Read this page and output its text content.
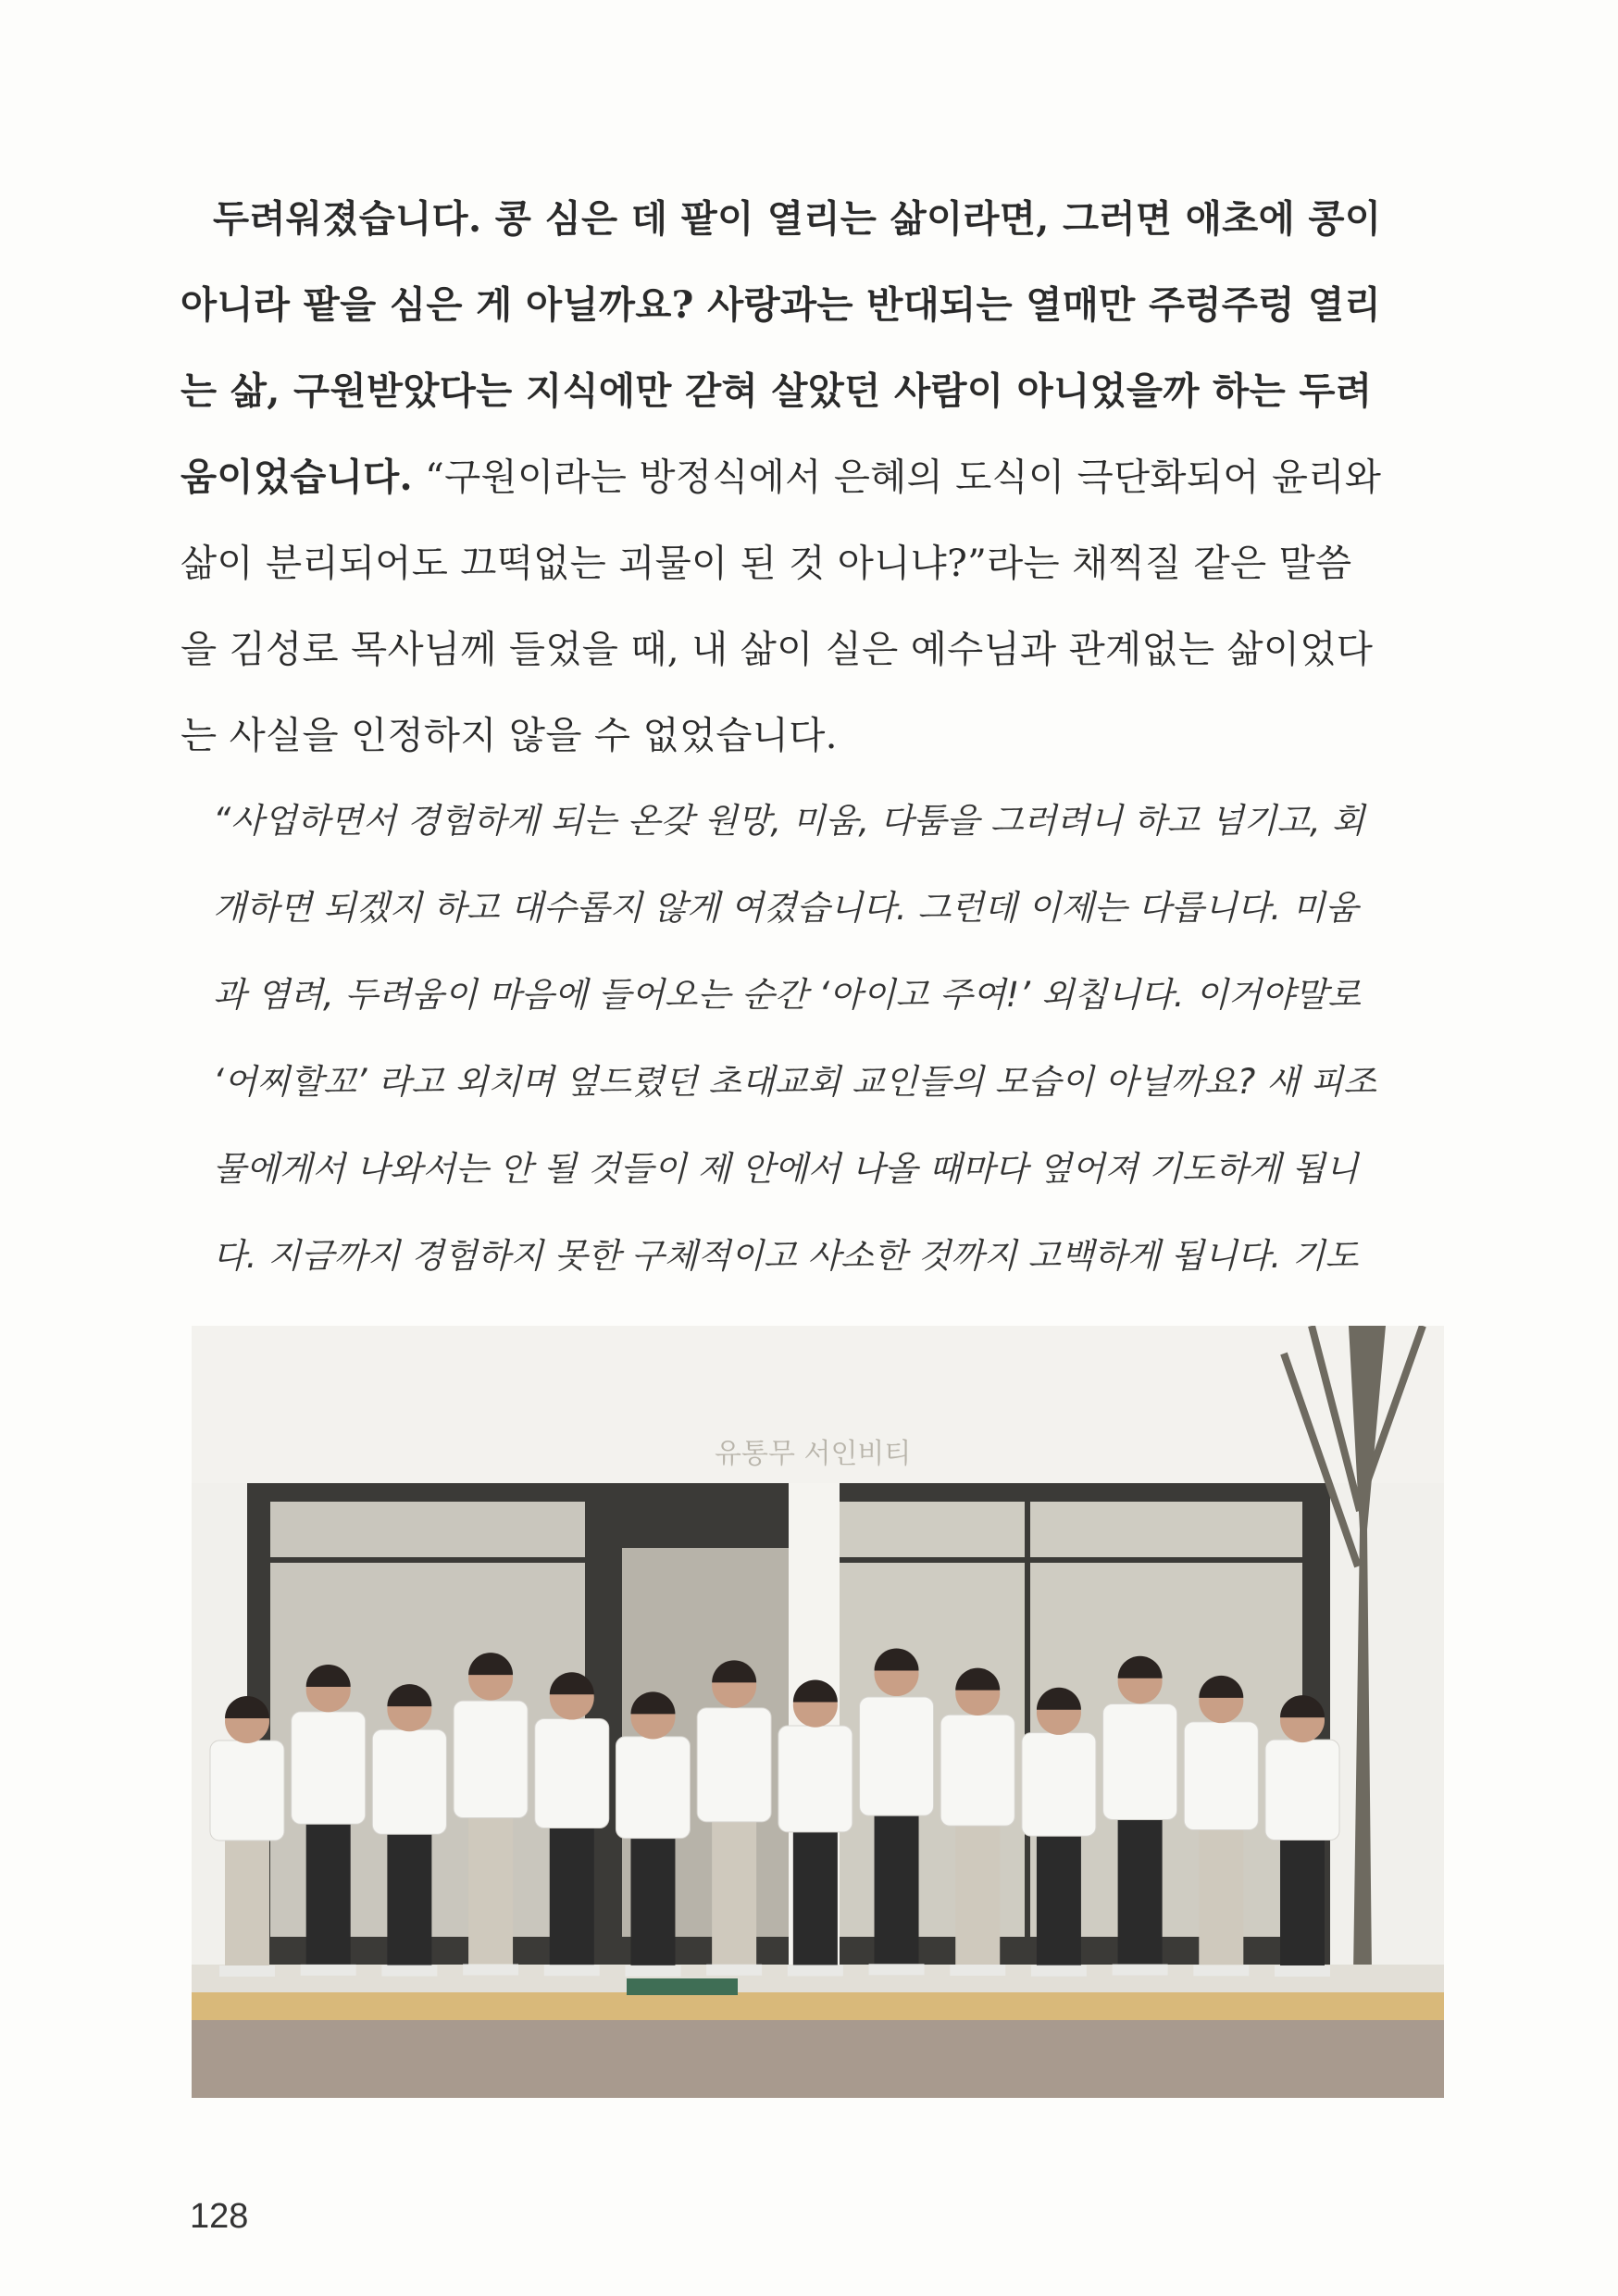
두려워졌습니다. 콩 심은 데 팥이 열리는 삶이라면, 그러면 애초에 콩이
아니라 팥을 심은 게 아닐까요? 사랑과는 반대되는 열매만 주렁주렁 열리
는 삶, 구원받았다는 지식에만 갇혀 살았던 사람이 아니었을까 하는 두려
움이었습니다. “구원이라는 방정식에서 은혜의 도식이 극단화되어 윤리와
삶이 분리되어도 끄떡없는 괴물이 된 것 아니냐?”라는 채찍질 같은 말씀
을 김성로 목사님께 들었을 때, 내 삶이 실은 예수님과 관계없는 삶이었다
는 사실을 인정하지 않을 수 없었습니다.
“사업하면서 경험하게 되는 온갖 원망, 미움, 다툼을 그러려니 하고 넘기고, 회
개하면 되겠지 하고 대수롭지 않게 여겼습니다. 그런데 이제는 다릅니다. 미움
과 염려, 두려움이 마음에 들어오는 순간 ‘아이고 주여!’ 외칩니다. 이거야말로
‘어찌할꼬’ 라고 외치며 엎드렸던 초대교회 교인들의 모습이 아닐까요? 새 피조
물에게서 나와서는 안 될 것들이 제 안에서 나올 때마다 엎어져 기도하게 됩니
다. 지금까지 경험하지 못한 구체적이고 사소한 것까지 고백하게 됩니다. 기도
유통무 서인비티
128
